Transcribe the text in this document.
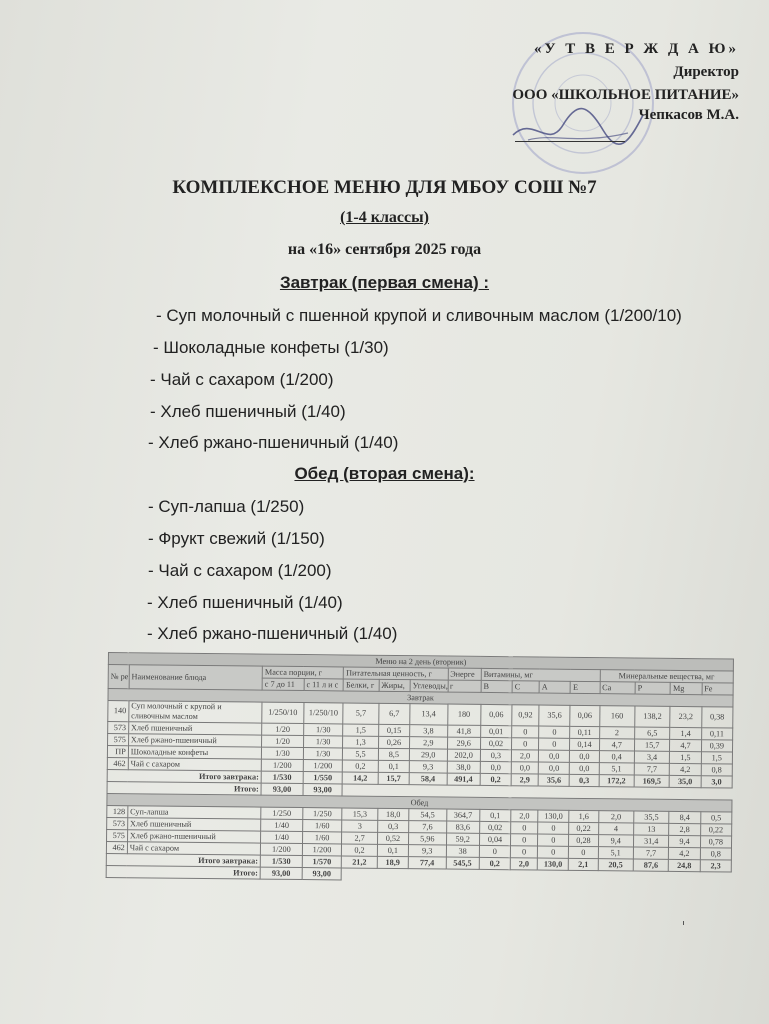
«У Т В Е Р Ж Д А Ю»
Директор
ООО «ШКОЛЬНОЕ ПИТАНИЕ»
Чепкасов М.А.
КОМПЛЕКСНОЕ МЕНЮ ДЛЯ МБОУ СОШ №7
(1-4 классы)
на «16» сентября 2025 года
Завтрак (первая смена) :
- Суп молочный с пшенной крупой и сливочным маслом (1/200/10)
- Шоколадные конфеты (1/30)
- Чай с сахаром (1/200)
- Хлеб пшеничный (1/40)
- Хлеб ржано-пшеничный (1/40)
Обед (вторая смена):
- Суп-лапша (1/250)
- Фрукт свежий (1/150)
- Чай с сахаром (1/200)
- Хлеб пшеничный (1/40)
- Хлеб ржано-пшеничный (1/40)
Меню на 2 день (вторник)															
№ ре	Наименование блюда	Масса порции, г		Питательная ценность, г			Энерге	Витамины, мг				Минеральные вещества, мг			
		с 7 до 11	с 11 л и с	Белки, г	Жиры,	Углеводы, г		B	C	A	E	Ca	P	Mg	Fe
Завтрак															
140	Суп молочный с крупой и сливочным маслом	1/250/10	1/250/10	5,7	6,7	13,4	180	0,06	0,92	35,6	0,06	160	138,2	23,2	0,38
573	Хлеб пшеничный	1/20	1/30	1,5	0,15	3,8	41,8	0,01	0	0	0,11	2	6,5	1,4	0,11
575	Хлеб ржано-пшеничный	1/20	1/30	1,3	0,26	2,9	29,6	0,02	0	0	0,14	4,7	15,7	4,7	0,39
ПР	Шоколадные конфеты	1/30	1/30	5,5	8,5	29,0	202,0	0,3	2,0	0,0	0,0	0,4	3,4	1,5	1,5
462	Чай с сахаром	1/200	1/200	0,2	0,1	9,3	38,0	0,0	0,0	0,0	0,0	5,1	7,7	4,2	0,8
Итого завтрака:		1/530	1/550	14,2	15,7	58,4	491,4	0,2	2,9	35,6	0,3	172,2	169,5	35,0	3,0
Итого:		93,00	93,00												
Обед															
128	Суп-лапша	1/250	1/250	15,3	18,0	54,5	364,7	0,1	2,0	130,0	1,6	2,0	35,5	8,4	0,5
573	Хлеб пшеничный	1/40	1/60	3	0,3	7,6	83,6	0,02	0	0	0,22	4	13	2,8	0,22
575	Хлеб ржано-пшеничный	1/40	1/60	2,7	0,52	5,96	59,2	0,04	0	0	0,28	9,4	31,4	9,4	0,78
462	Чай с сахаром	1/200	1/200	0,2	0,1	9,3	38	0	0	0	0	5,1	7,7	4,2	0,8
Итого завтрака:		1/530	1/570	21,2	18,9	77,4	545,5	0,2	2,0	130,0	2,1	20,5	87,6	24,8	2,3
Итого:		93,00	93,00												
